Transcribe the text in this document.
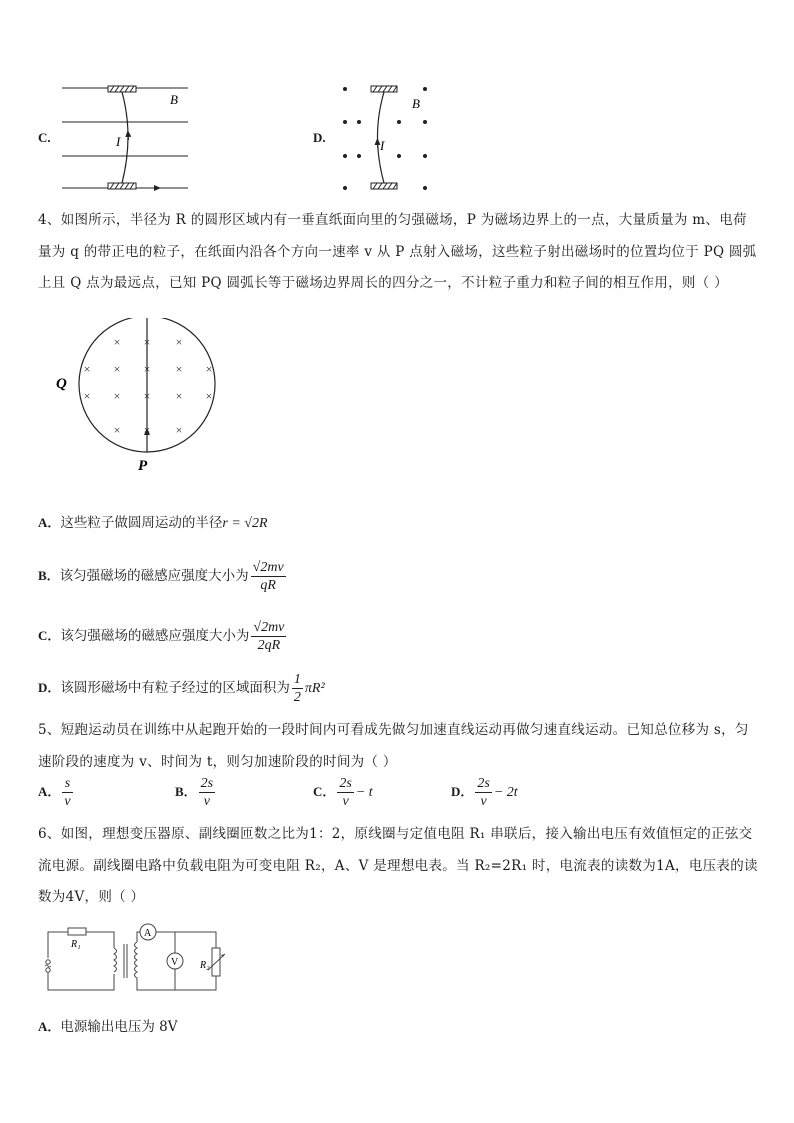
C.
B
I	D.
B
I
4、如图所示，半径为 R 的圆形区域内有一垂直纸面向里的匀强磁场，P 为磁场边界上的一点，大量质量为 m、电荷
量为 q 的带正电的粒子，在纸面内沿各个方向一速率 v 从 P 点射入磁场，这些粒子射出磁场时的位置均位于 PQ 圆弧
上且 Q 点为最远点，已知 PQ 圆弧长等于磁场边界周长的四分之一，不计粒子重力和粒子间的相互作用，则（ ）
× × ×
× × × × ×
× × × × ×
× × ×
Q
P
A．这些粒子做圆周运动的半径r = √2R
B．该匀强磁场的磁感应强度大小为 $\frac{√2mv}{qR}$
C．该匀强磁场的磁感应强度大小为 $\frac{√2mv}{2qR}$
D．该圆形磁场中有粒子经过的区域面积为 $\frac{1}{2} \pi R^2$
5、短跑运动员在训练中从起跑开始的一段时间内可看成先做匀加速直线运动再做匀速直线运动。已知总位移为 s，匀
速阶段的速度为 v、时间为 t，则匀加速阶段的时间为（ ）
A． $\frac{s}{v}$	B． $\frac{2s}{v}$	C． $\frac{2s}{v} - t$	D． $\frac{2s}{v} - 2t$
6、如图，理想变压器原、副线圈匝数之比为1：2，原线圈与定值电阻 R₁ 串联后，接入输出电压有效值恒定的正弦交
流电源。副线圈电路中负载电阻为可变电阻 R₂，A、V 是理想电表。当 R₂=2R₁ 时，电流表的读数为1A，电压表的读
数为4V，则（ ）
A
V
R₁
R₂
A．电源输出电压为 8V
